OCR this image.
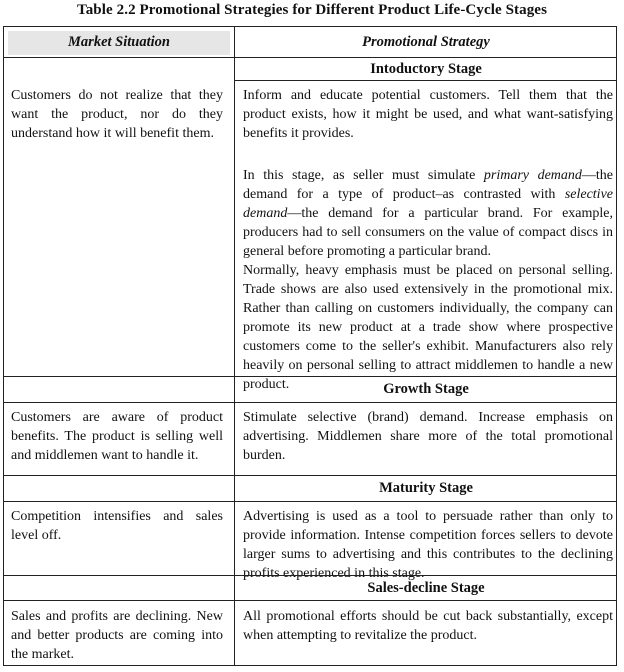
Table 2.2 Promotional Strategies for Different Product Life-Cycle Stages
Market Situation	Promotional Strategy
Intoductory Stage
Customers do not realize that they want the product, nor do they understand how it will benefit them.
Inform and educate potential customers. Tell them that the product exists, how it might be used, and what want-satisfying benefits it provides.
In this stage, as seller must simulate primary demand—the demand for a type of product–as contrasted with selective demand—the demand for a particular brand. For example, producers had to sell consumers on the value of compact discs in general before promoting a particular brand.
Normally, heavy emphasis must be placed on personal selling. Trade shows are also used extensively in the promotional mix. Rather than calling on customers individually, the company can promote its new product at a trade show where prospective customers come to the seller's exhibit. Manufacturers also rely heavily on personal selling to attract middlemen to handle a new product.	Growth Stage
Customers are aware of product benefits. The product is selling well and middlemen want to handle it.
Stimulate selective (brand) demand. Increase emphasis on advertising. Middlemen share more of the total promotional burden.
Maturity Stage
Competition intensifies and sales level off.
Advertising is used as a tool to persuade rather than only to provide information. Intense competition forces sellers to devote larger sums to advertising and this contributes to the declining profits experienced in this stage.
Sales-decline Stage
Sales and profits are declining. New and better products are coming into the market.
All promotional efforts should be cut back substantially, except when attempting to revitalize the product.
